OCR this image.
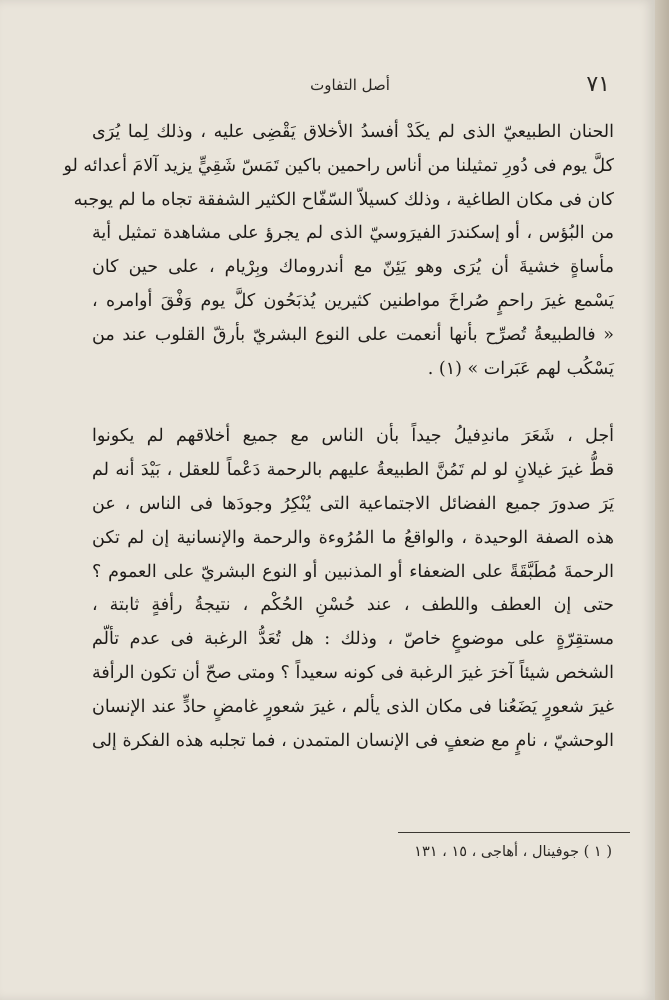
٧١
أصل التفاوت

الحنان الطبيعيّ الذى لم يكَدْ أفسدُ الأخلاق يَقْضِى عليه ، وذلك لِما يُرَى

كلَّ يوم فى دُورِ تمثيلنا من أناس راحمين باكين تَمَسّ شَقِيٍّ يزيد آلامَ أعدائه لو

كان فى مكان الطاغية ، وذلك كسيلاّ السّفّاح الكثير الشفقة تجاه ما لم يوجبه

من البُؤس ، أو إسكندرَ الفيرَوسيّ الذى لم يجرؤ على مشاهدة تمثيل أية

مأساةٍ خشيةَ أن يُرَى وهو يَئِنّ مع أندروماك وبِرْيام ، على حين كان

يَسْمع غيرَ راحمٍ صُراخَ مواطنين كثيرين يُذبَحُون كلَّ يوم وَفْقَ أوامره ،

« فالطبيعةُ تُصرِّح بأنها أنعمت على النوع البشريّ بأرقّ القلوب عند من

يَسْكُب لهم عَبَرات » (١) .

أجل ، شَعَرَ ماندِفيلُ جيداً بأن الناس مع جميع أخلاقهم لم يكونوا

قطُّ غيرَ غيلانٍ لو لم تَمُنَّ الطبيعةُ عليهم بالرحمة دَعْماً للعقل ، بَيْدَ أنه لم

يَرَ صدورَ جميع الفضائل الاجتماعية التى يُنْكِرُ وجودَها فى الناس ، عن

هذه الصفة الوحيدة ، والواقعُ ما المُرُوءة والرحمة والإنسانية إن لم تكن

الرحمةَ مُطَبَّقَةً على الضعفاء أو المذنبين أو النوع البشريّ على العموم ؟

حتى إن العطف واللطف ، عند حُسْنِ الحُكْم ، نتيجةُ رأفةٍ ثابتة ،

مستقِرّةٍ على موضوعٍ خاصّ ، وذلك : هل تُعَدُّ الرغبة فى عدم تألّم

الشخص شيئاً آخرَ غيرَ الرغبة فى كونه سعيداً ؟ ومتى صحّ أن تكون الرأفة

غيرَ شعورٍ يَضَعُنا فى مكان الذى يألم ، غيرَ شعورٍ غامضٍ حادٍّ عند الإنسان

الوحشيّ ، نامٍ مع ضعفٍ فى الإنسان المتمدن ، فما تجلبه هذه الفكرة إلى

( ١ ) جوفينال ، أهاجى ، ١٥ ، ١٣١
